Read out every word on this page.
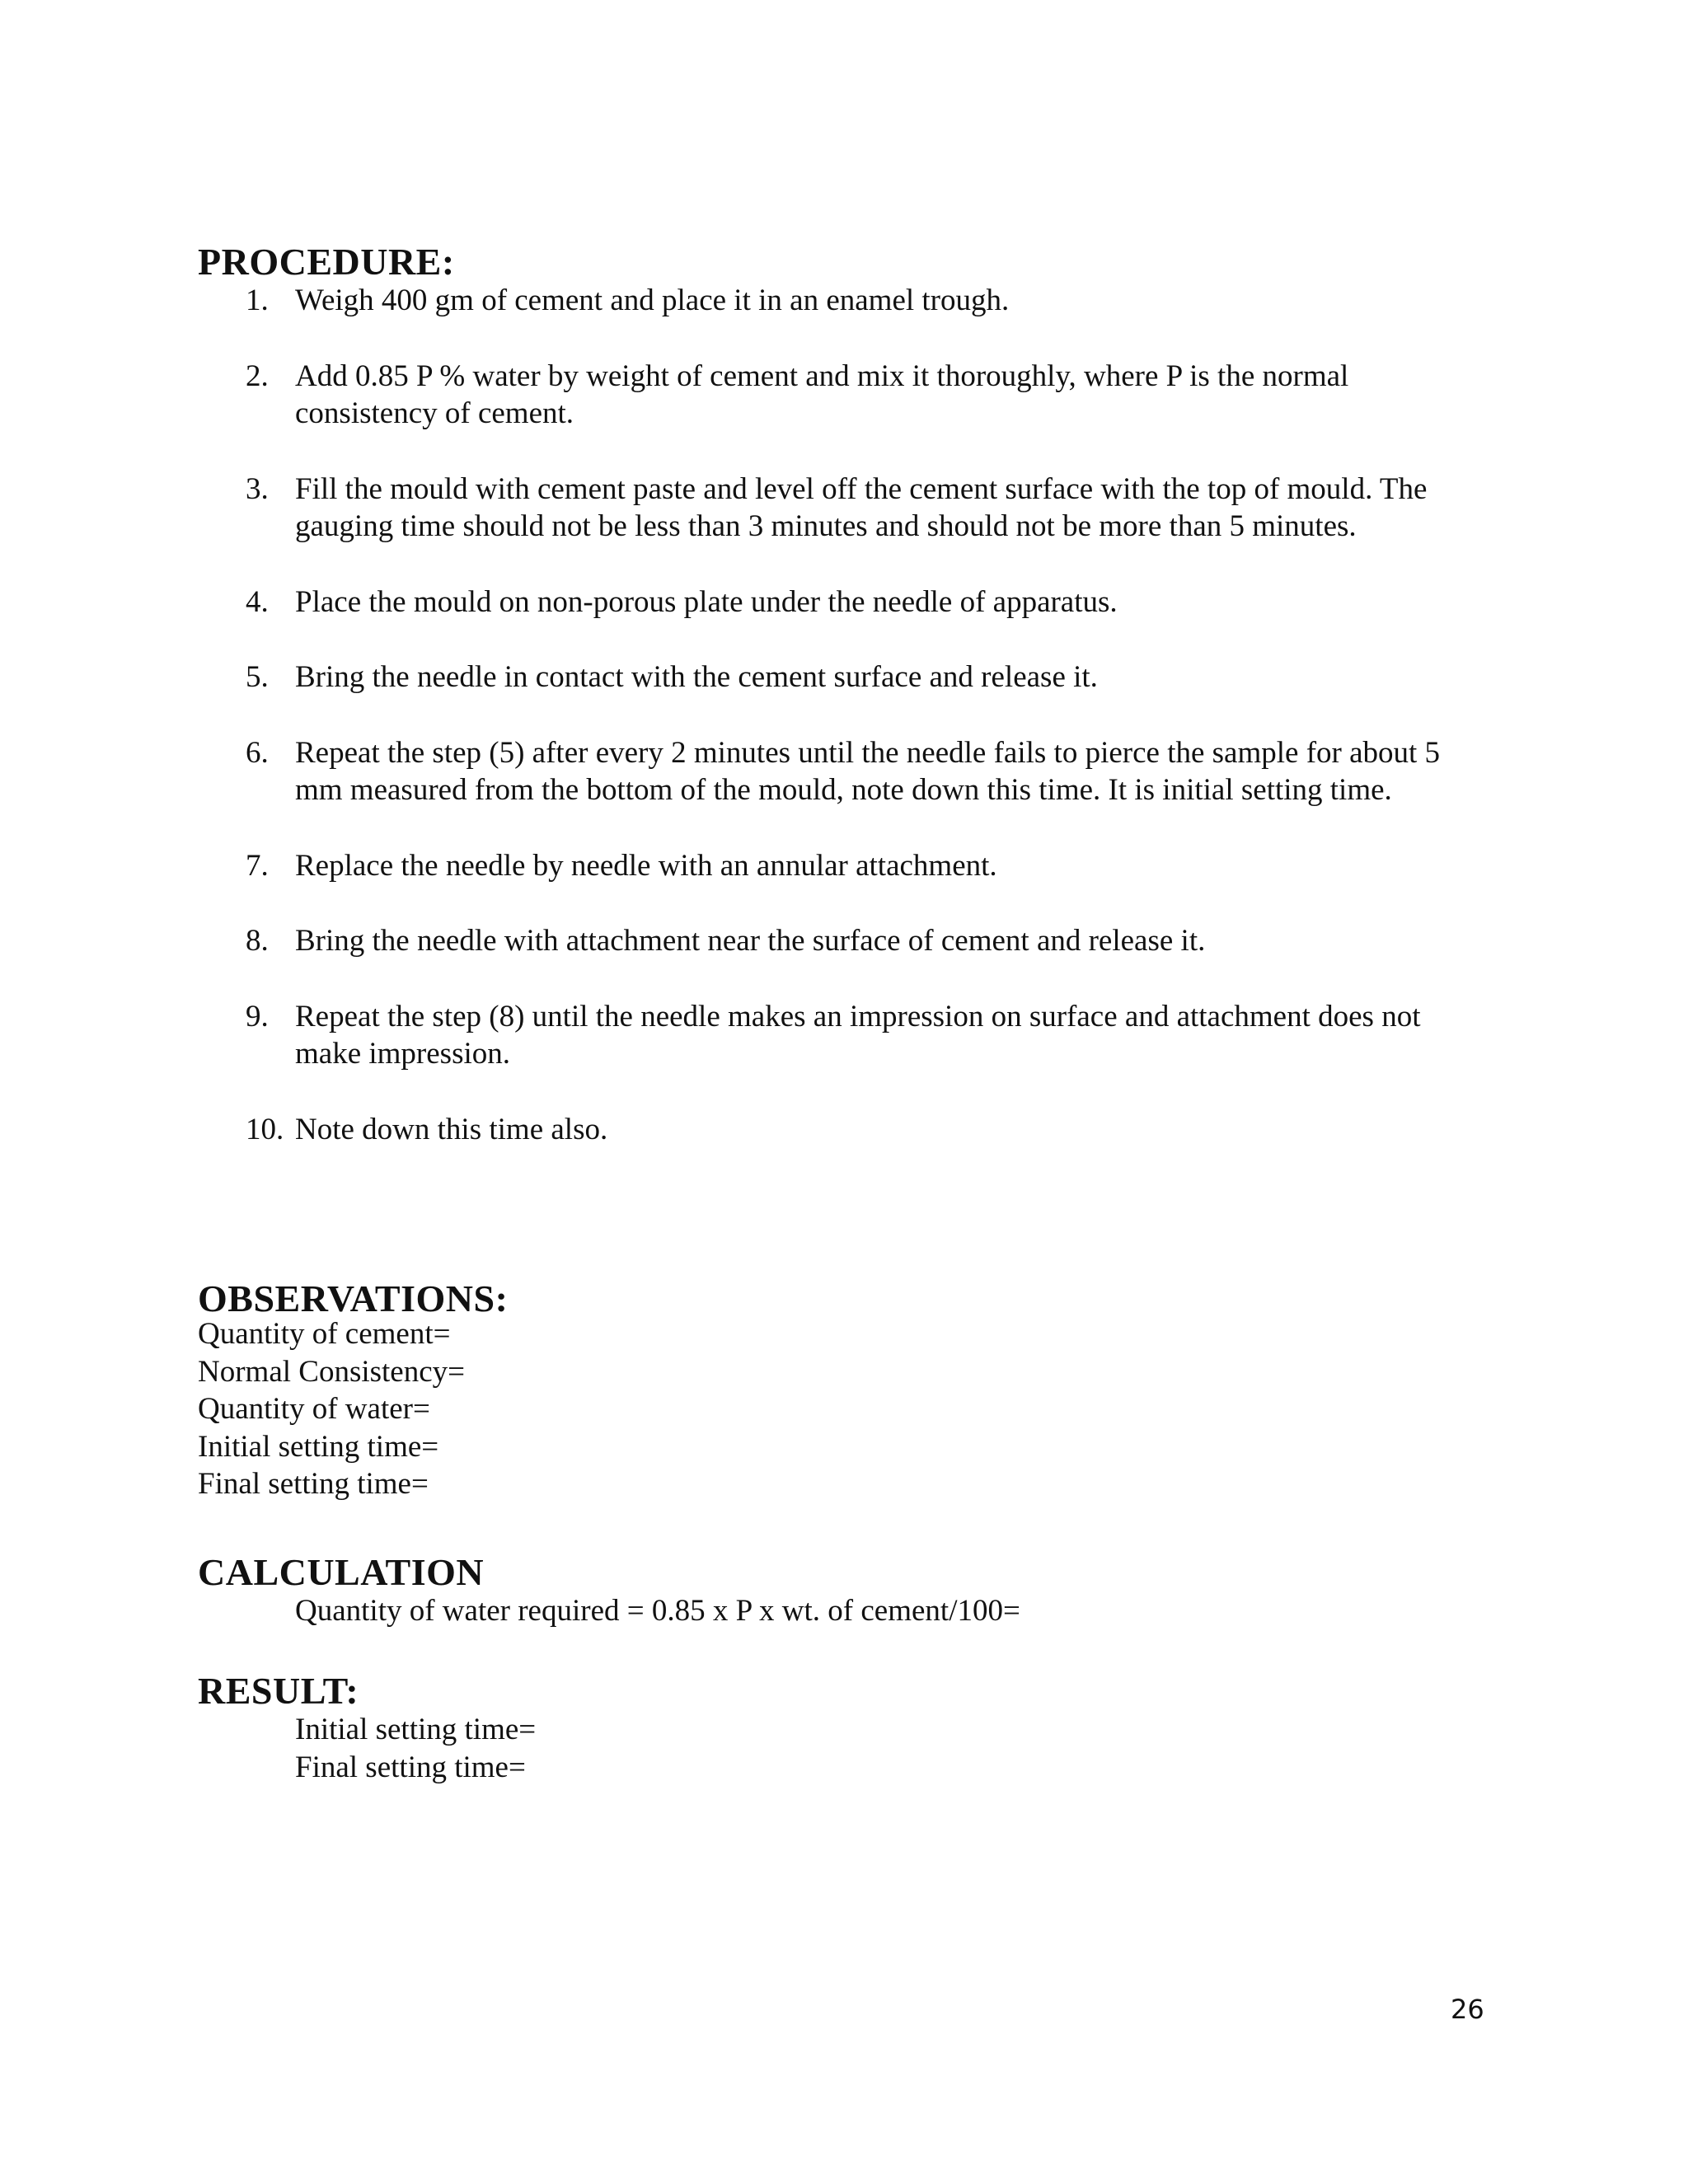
PROCEDURE:
1. Weigh 400 gm of cement and place it in an enamel trough.
2. Add 0.85 P % water by weight of cement and mix it thoroughly, where P is the normal consistency of cement.
3. Fill the mould with cement paste and level off the cement surface with the top of mould. The gauging time should not be less than 3 minutes and should not be more than 5 minutes.
4. Place the mould on non-porous plate under the needle of apparatus.
5. Bring the needle in contact with the cement surface and release it.
6. Repeat the step (5) after every 2 minutes until the needle fails to pierce the sample for about 5 mm measured from the bottom of the mould, note down this time. It is initial setting time.
7. Replace the needle by needle with an annular attachment.
8. Bring the needle with attachment near the surface of cement and release it.
9. Repeat the step (8) until the needle makes an impression on surface and attachment does not make impression.
10. Note down this time also.
OBSERVATIONS:
Quantity of cement=
Normal Consistency=
Quantity of water=
Initial setting time=
Final setting time=
CALCULATION

Quantity of water required = 0.85 x P x wt. of cement/100=

RESULT:
Initial setting time=
Final setting time=
26
